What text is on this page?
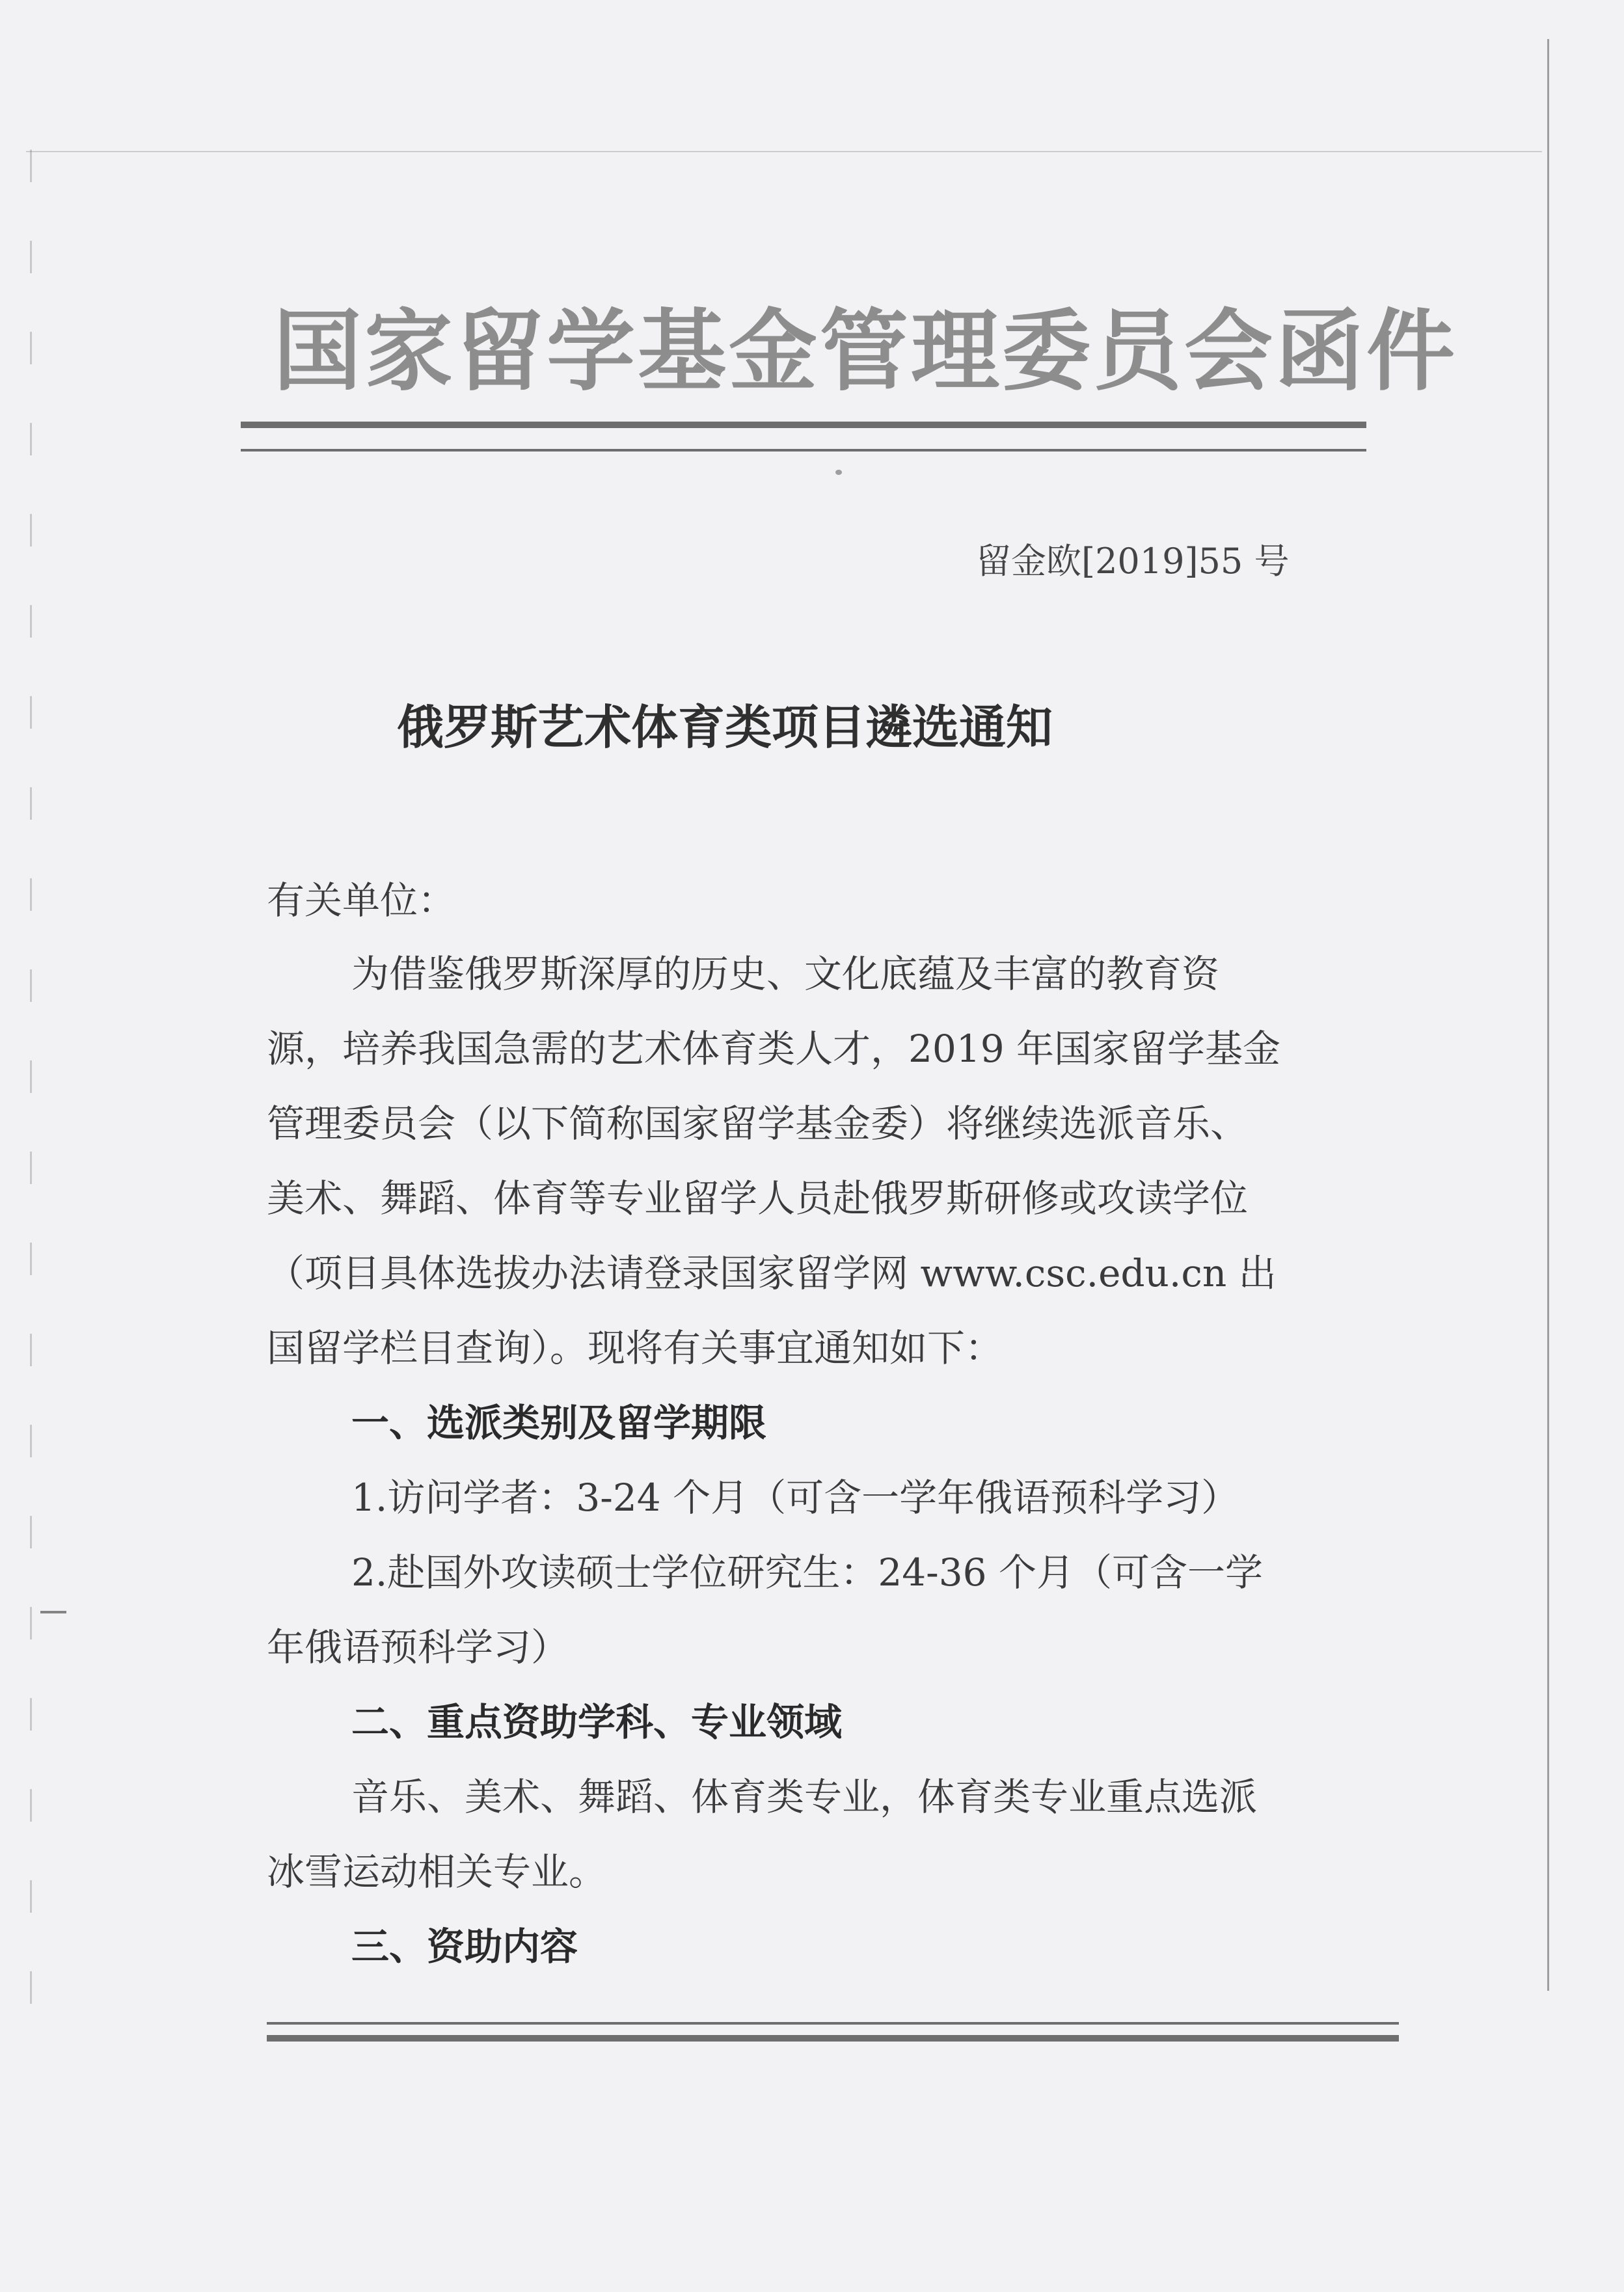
国家留学基金管理委员会函件

留金欧[2019]55 号

俄罗斯艺术体育类项目遴选通知

有关单位：

为借鉴俄罗斯深厚的历史、文化底蕴及丰富的教育资

源，培养我国急需的艺术体育类人才，2019 年国家留学基金

管理委员会（以下简称国家留学基金委）将继续选派音乐、

美术、舞蹈、体育等专业留学人员赴俄罗斯研修或攻读学位

（项目具体选拔办法请登录国家留学网 www.csc.edu.cn 出

国留学栏目查询）。现将有关事宜通知如下：

一、选派类别及留学期限

1.访问学者：3-24 个月（可含一学年俄语预科学习）

2.赴国外攻读硕士学位研究生：24-36 个月（可含一学

年俄语预科学习）

二、重点资助学科、专业领域

音乐、美术、舞蹈、体育类专业，体育类专业重点选派

冰雪运动相关专业。

三、资助内容
